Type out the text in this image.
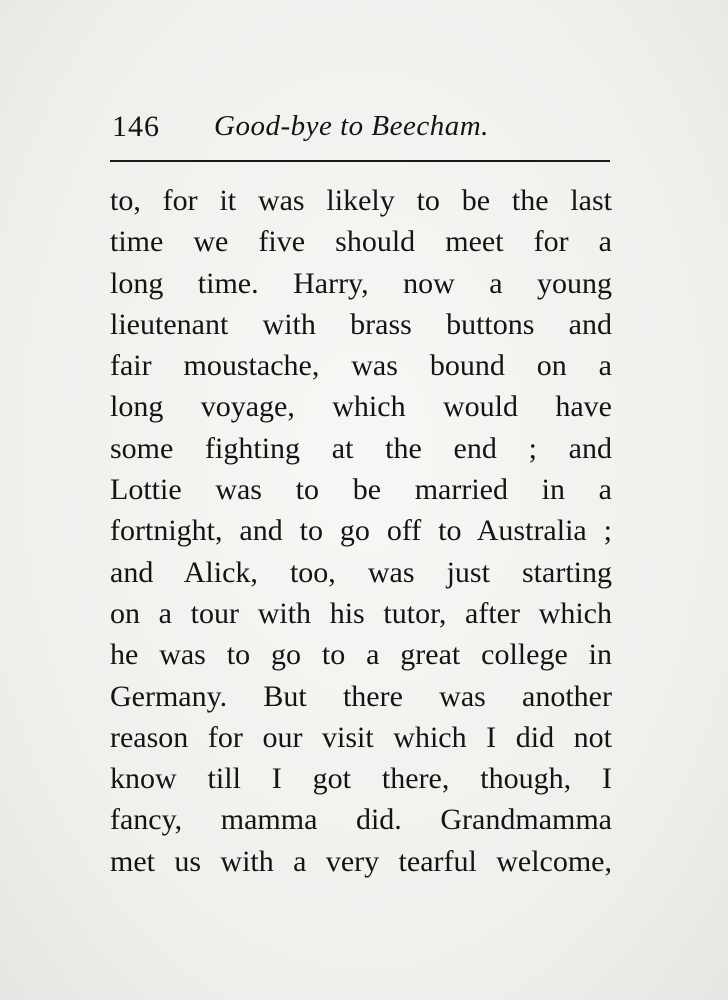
146 Good-bye to Beecham.
to, for it was likely to be the last
time we five should meet for a
long time. Harry, now a young
lieutenant with brass buttons and
fair moustache, was bound on a
long voyage, which would have
some fighting at the end ; and
Lottie was to be married in a
fortnight, and to go off to Australia ;
and Alick, too, was just starting
on a tour with his tutor, after which
he was to go to a great college in
Germany. But there was another
reason for our visit which I did not
know till I got there, though, I
fancy, mamma did. Grandmamma
met us with a very tearful welcome,
